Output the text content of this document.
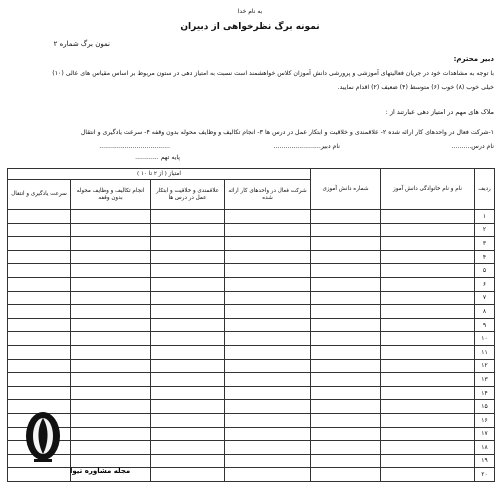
به نام خدا
نمونه برگ نظرخواهی از دبیران
نمون برگ شماره ۲
دبیر محترم:
با توجه به مشاهدات خود در جریان فعالیتهای آموزشی و پرورشی دانش آموزان کلاس خواهشمند است نسبت به امتیاز دهی در ستون مربوط بر اساس مقیاس های عالی (۱۰)
خیلی خوب (۸) خوب (۶) متوسط (۴) ضعیف (۲) اقدام نمایید.
ملاک های مهم در امتیاز دهی عبارتند از :
۱-شرکت فعال در واحدهای کار ارائه شده ۲- علاقمندی و خلاقیت و ابتکار عمل در درس ها ۳- انجام تکالیف و وظایف محوله بدون وقفه ۴- سرعت یادگیری و انتقال
نام درس..........
نام دبیر........................
....................................
پایه تهم ............
ردیف	نام و نام خانوادگی دانش آموز	شماره دانش آموزی	امتیاز ( از ۲ تا ۱۰ )			
			شرکت فعال در واحدهای کار ارائه شده	علاقمندی و خلاقیت و ابتکار عمل در درس ها	انجام تکالیف و وظایف محوله بدون وقفه	سرعت یادگیری و انتقال
۱						
۲						
۳						
۴						
۵						
۶						
۷						
۸						
۹						
۱۰						
۱۱						
۱۲						
۱۳						
۱۴						
۱۵						
۱۶						
۱۷						
۱۸						
۱۹						
۲۰						
مجله مشاوره تیوا
